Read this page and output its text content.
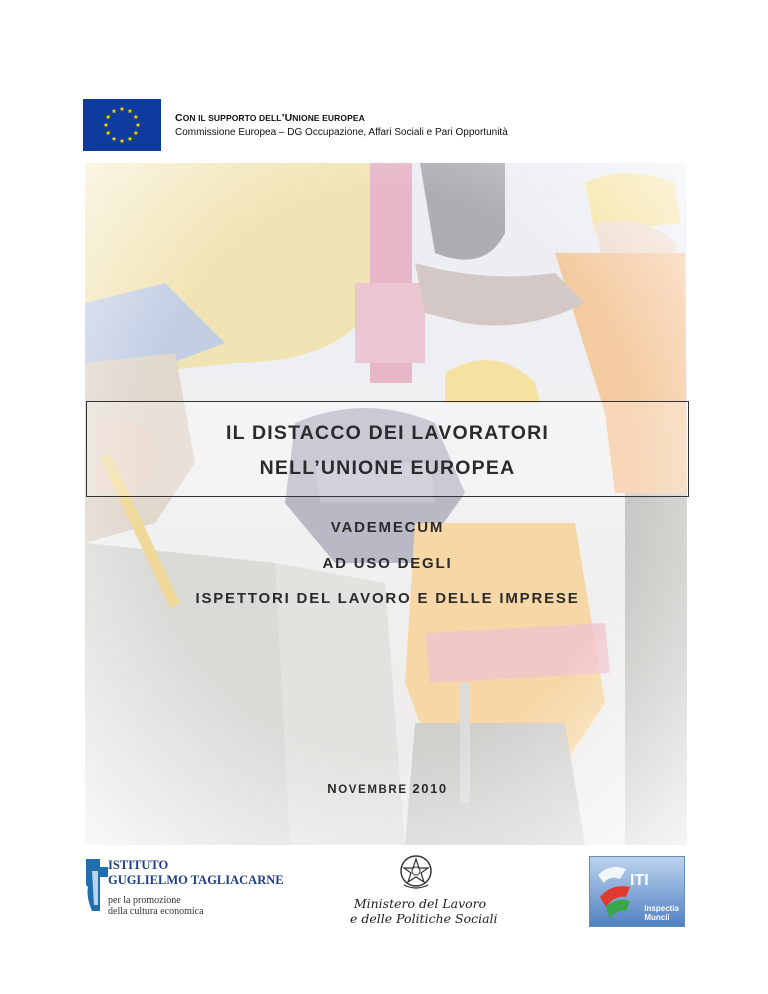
CON IL SUPPORTO DELL’UNIONE EUROPEA
Commissione Europea – DG Occupazione, Affari Sociali e Pari Opportunità
IL DISTACCO DEI LAVORATORI
NELL’UNIONE EUROPEA
VADEMECUM
AD USO DEGLI
ISPETTORI DEL LAVORO E DELLE IMPRESE
NOVEMBRE 2010
ISTITUTO
GUGLIELMO TAGLIACARNE
per la promozione
della cultura economica
Ministero del Lavoro
e delle Politiche Sociali
ITI
Inspectia
Muncii
